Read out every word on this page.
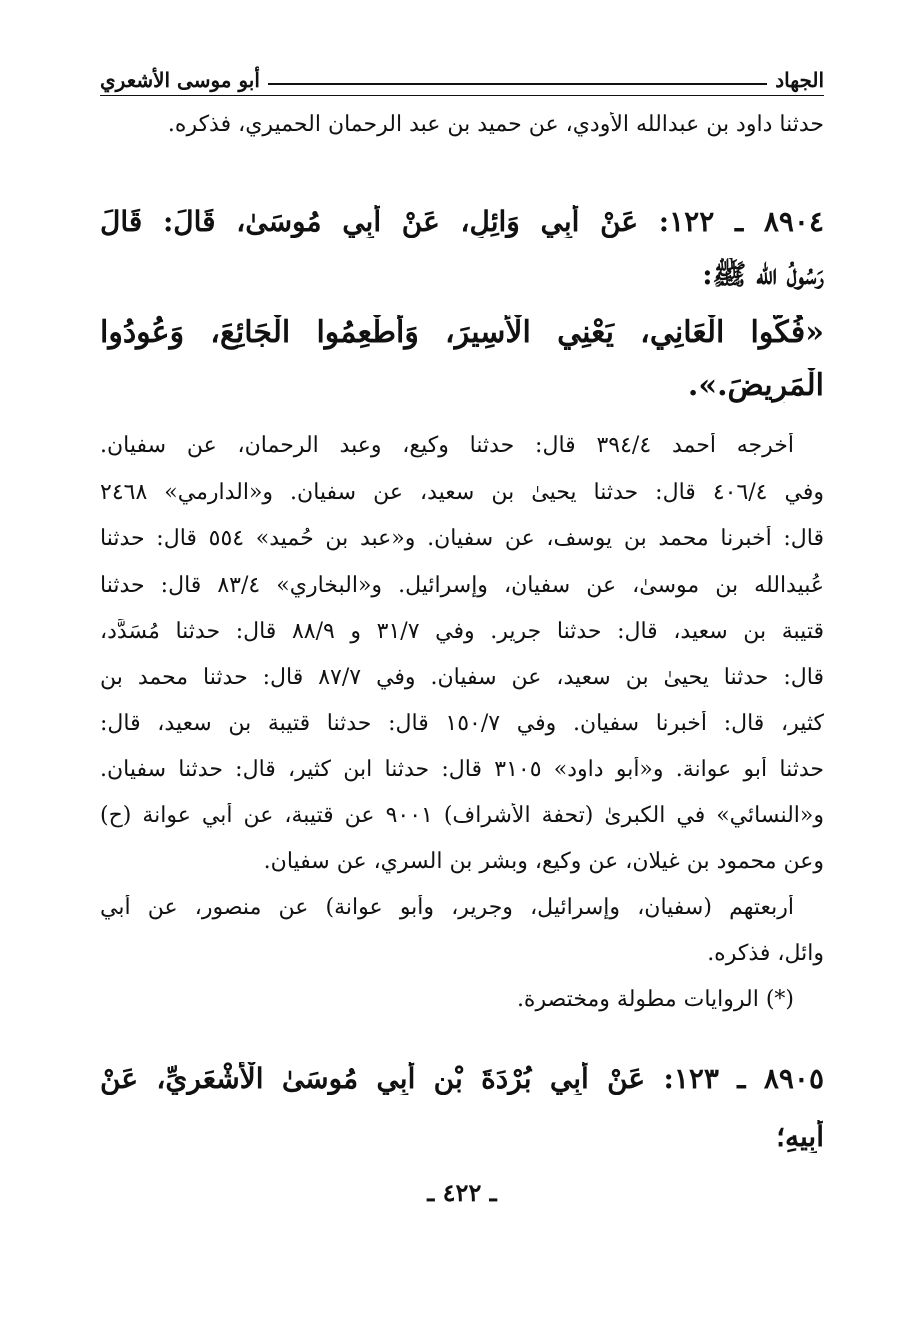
الجهاد
أبو موسى الأشعري
حدثنا داود بن عبدالله الأودي، عن حميد بن عبد الرحمان الحميري، فذكره.
٨٩٠٤ ـ ١٢٢: عَنْ أَبِي وَائِلٍ، عَنْ أَبِي مُوسَىٰ، قَالَ: قَالَ
رَسُولُ الله ﷺ:
«فُكُّوا الْعَانِي، يَعْنِي الْأَسِيرَ، وَأَطْعِمُوا الْجَائِعَ، وَعُودُوا
الْمَرِيضَ.».
أخرجه أحمد ٣٩٤/٤ قال: حدثنا وكيع، وعبد الرحمان، عن سفيان.
وفي ٤٠٦/٤ قال: حدثنا يحيىٰ بن سعيد، عن سفيان. و«الدارمي» ٢٤٦٨
قال: أخبرنا محمد بن يوسف، عن سفيان. و«عبد بن حُميد» ٥٥٤ قال: حدثنا
عُبيدالله بن موسىٰ، عن سفيان، وإسرائيل. و«البخاري» ٨٣/٤ قال: حدثنا
قتيبة بن سعيد، قال: حدثنا جرير. وفي ٣١/٧ و ٨٨/٩ قال: حدثنا مُسَدَّد،
قال: حدثنا يحيىٰ بن سعيد، عن سفيان. وفي ٨٧/٧ قال: حدثنا محمد بن
كثير، قال: أخبرنا سفيان. وفي ١٥٠/٧ قال: حدثنا قتيبة بن سعيد، قال:
حدثنا أبو عوانة. و«أبو داود» ٣١٠٥ قال: حدثنا ابن كثير، قال: حدثنا سفيان.
و«النسائي» في الكبرىٰ (تحفة الأشراف) ٩٠٠١ عن قتيبة، عن أبي عوانة (ح)
وعن محمود بن غيلان، عن وكيع، وبشر بن السري، عن سفيان.
أربعتهم (سفيان، وإسرائيل، وجرير، وأبو عوانة) عن منصور، عن أبي
وائل، فذكره.
(*) الروايات مطولة ومختصرة.
٨٩٠٥ ـ ١٢٣: عَنْ أَبِي بُرْدَةَ بْنِ أَبِي مُوسَىٰ الْأَشْعَرِيِّ، عَنْ
أَبِيهِ؛
ـ ٤٢٢ ـ
